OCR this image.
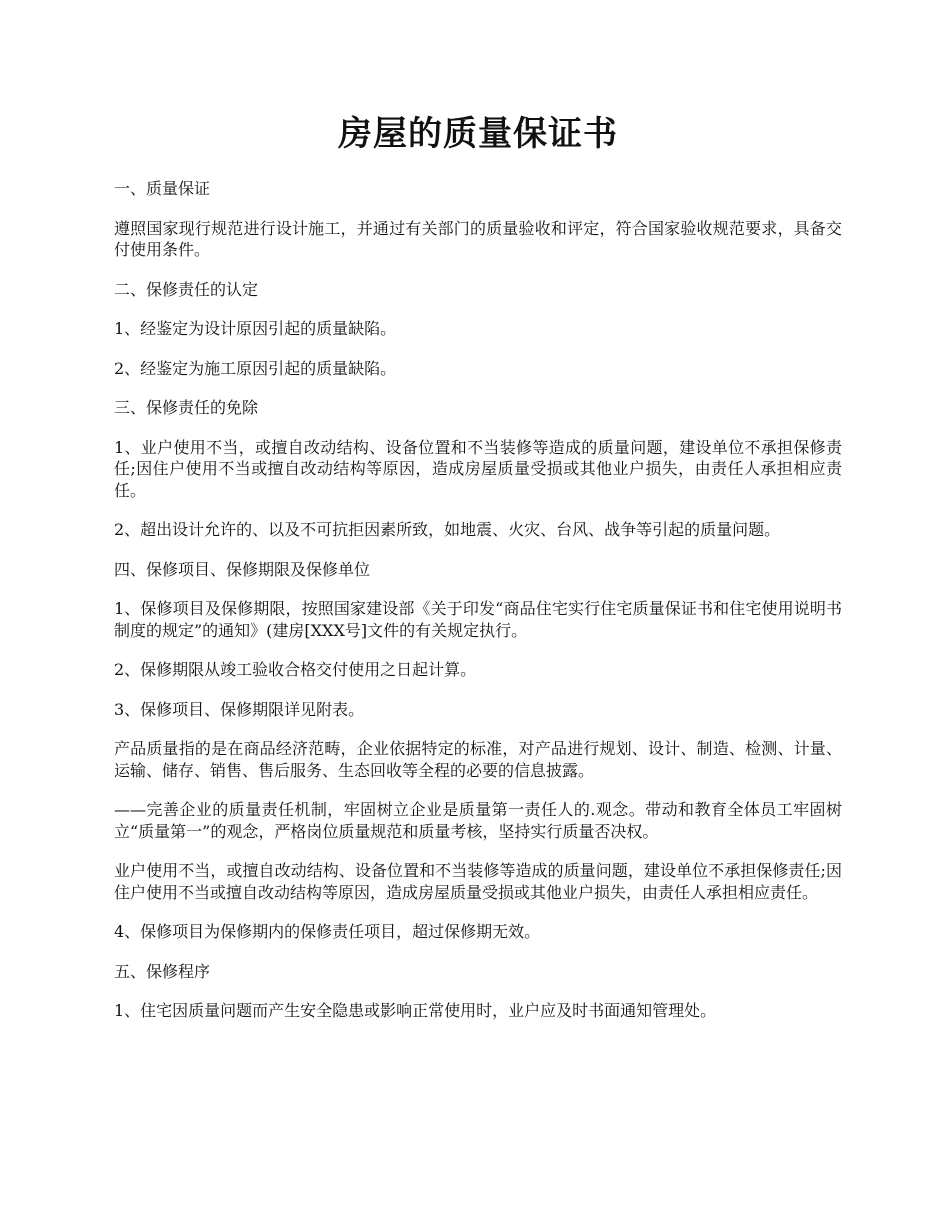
房屋的质量保证书

一、质量保证

遵照国家现行规范进行设计施工，并通过有关部门的质量验收和评定，符合国家验收规范要求，具备交付使用条件。

二、保修责任的认定

1、经鉴定为设计原因引起的质量缺陷。

2、经鉴定为施工原因引起的质量缺陷。

三、保修责任的免除

1、业户使用不当，或擅自改动结构、设备位置和不当装修等造成的质量问题，建设单位不承担保修责任;因住户使用不当或擅自改动结构等原因，造成房屋质量受损或其他业户损失，由责任人承担相应责任。

2、超出设计允许的、以及不可抗拒因素所致，如地震、火灾、台风、战争等引起的质量问题。

四、保修项目、保修期限及保修单位

1、保修项目及保修期限，按照国家建设部《关于印发“商品住宅实行住宅质量保证书和住宅使用说明书制度的规定”的通知》(建房[XXX号]文件的有关规定执行。

2、保修期限从竣工验收合格交付使用之日起计算。

3、保修项目、保修期限详见附表。

产品质量指的是在商品经济范畴，企业依据特定的标准，对产品进行规划、设计、制造、检测、计量、运输、储存、销售、售后服务、生态回收等全程的必要的信息披露。

——完善企业的质量责任机制，牢固树立企业是质量第一责任人的.观念。带动和教育全体员工牢固树立“质量第一”的观念，严格岗位质量规范和质量考核，坚持实行质量否决权。

业户使用不当，或擅自改动结构、设备位置和不当装修等造成的质量问题，建设单位不承担保修责任;因住户使用不当或擅自改动结构等原因，造成房屋质量受损或其他业户损失，由责任人承担相应责任。

4、保修项目为保修期内的保修责任项目，超过保修期无效。

五、保修程序

1、住宅因质量问题而产生安全隐患或影响正常使用时，业户应及时书面通知管理处。
